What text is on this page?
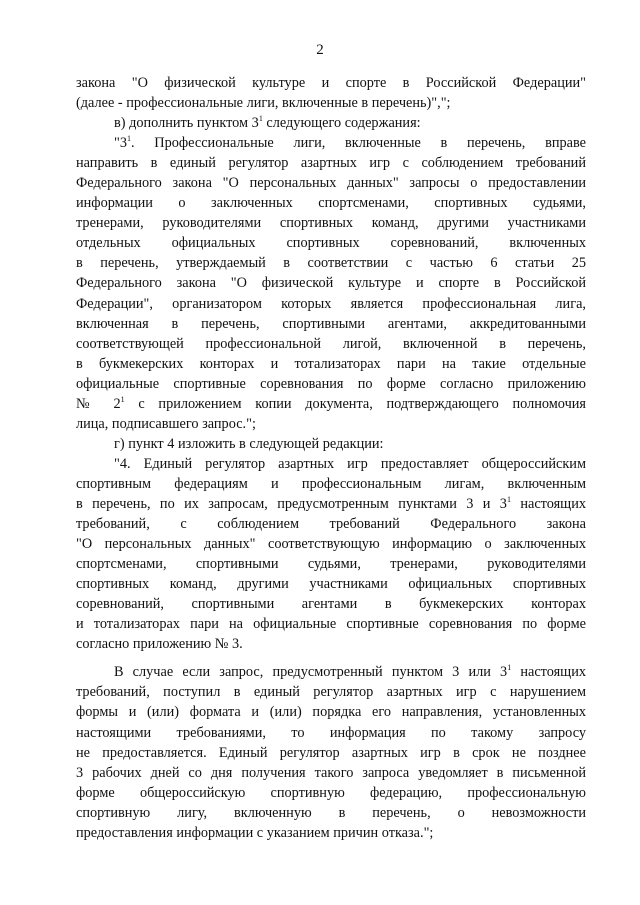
2
закона "О физической культуре и спорте в Российской Федерации"
(далее - профессиональные лиги, включенные в перечень)",";
в) дополнить пунктом $3^1$ следующего содержания:
"$3^1$. Профессиональные лиги, включенные в перечень, вправе
направить в единый регулятор азартных игр с соблюдением требований
Федерального закона "О персональных данных" запросы о предоставлении
информации о заключенных спортсменами, спортивных судьями,
тренерами, руководителями спортивных команд, другими участниками
отдельных официальных спортивных соревнований, включенных
в перечень, утверждаемый в соответствии с частью 6 статьи 25
Федерального закона "О физической культуре и спорте в Российской
Федерации", организатором которых является профессиональная лига,
включенная в перечень, спортивными агентами, аккредитованными
соответствующей профессиональной лигой, включенной в перечень,
в букмекерских конторах и тотализаторах пари на такие отдельные
официальные спортивные соревнования по форме согласно приложению
№ $2^1$ с приложением копии документа, подтверждающего полномочия
лица, подписавшего запрос.";
г) пункт 4 изложить в следующей редакции:
"4. Единый регулятор азартных игр предоставляет общероссийским
спортивным федерациям и профессиональным лигам, включенным
в перечень, по их запросам, предусмотренным пунктами 3 и $3^1$ настоящих
требований, с соблюдением требований Федерального закона
"О персональных данных" соответствующую информацию о заключенных
спортсменами, спортивными судьями, тренерами, руководителями
спортивных команд, другими участниками официальных спортивных
соревнований, спортивными агентами в букмекерских конторах
и тотализаторах пари на официальные спортивные соревнования по форме
согласно приложению № 3.
В случае если запрос, предусмотренный пунктом 3 или $3^1$ настоящих
требований, поступил в единый регулятор азартных игр с нарушением
формы и (или) формата и (или) порядка его направления, установленных
настоящими требованиями, то информация по такому запросу
не предоставляется. Единый регулятор азартных игр в срок не позднее
3 рабочих дней со дня получения такого запроса уведомляет в письменной
форме общероссийскую спортивную федерацию, профессиональную
спортивную лигу, включенную в перечень, о невозможности
предоставления информации с указанием причин отказа.";
